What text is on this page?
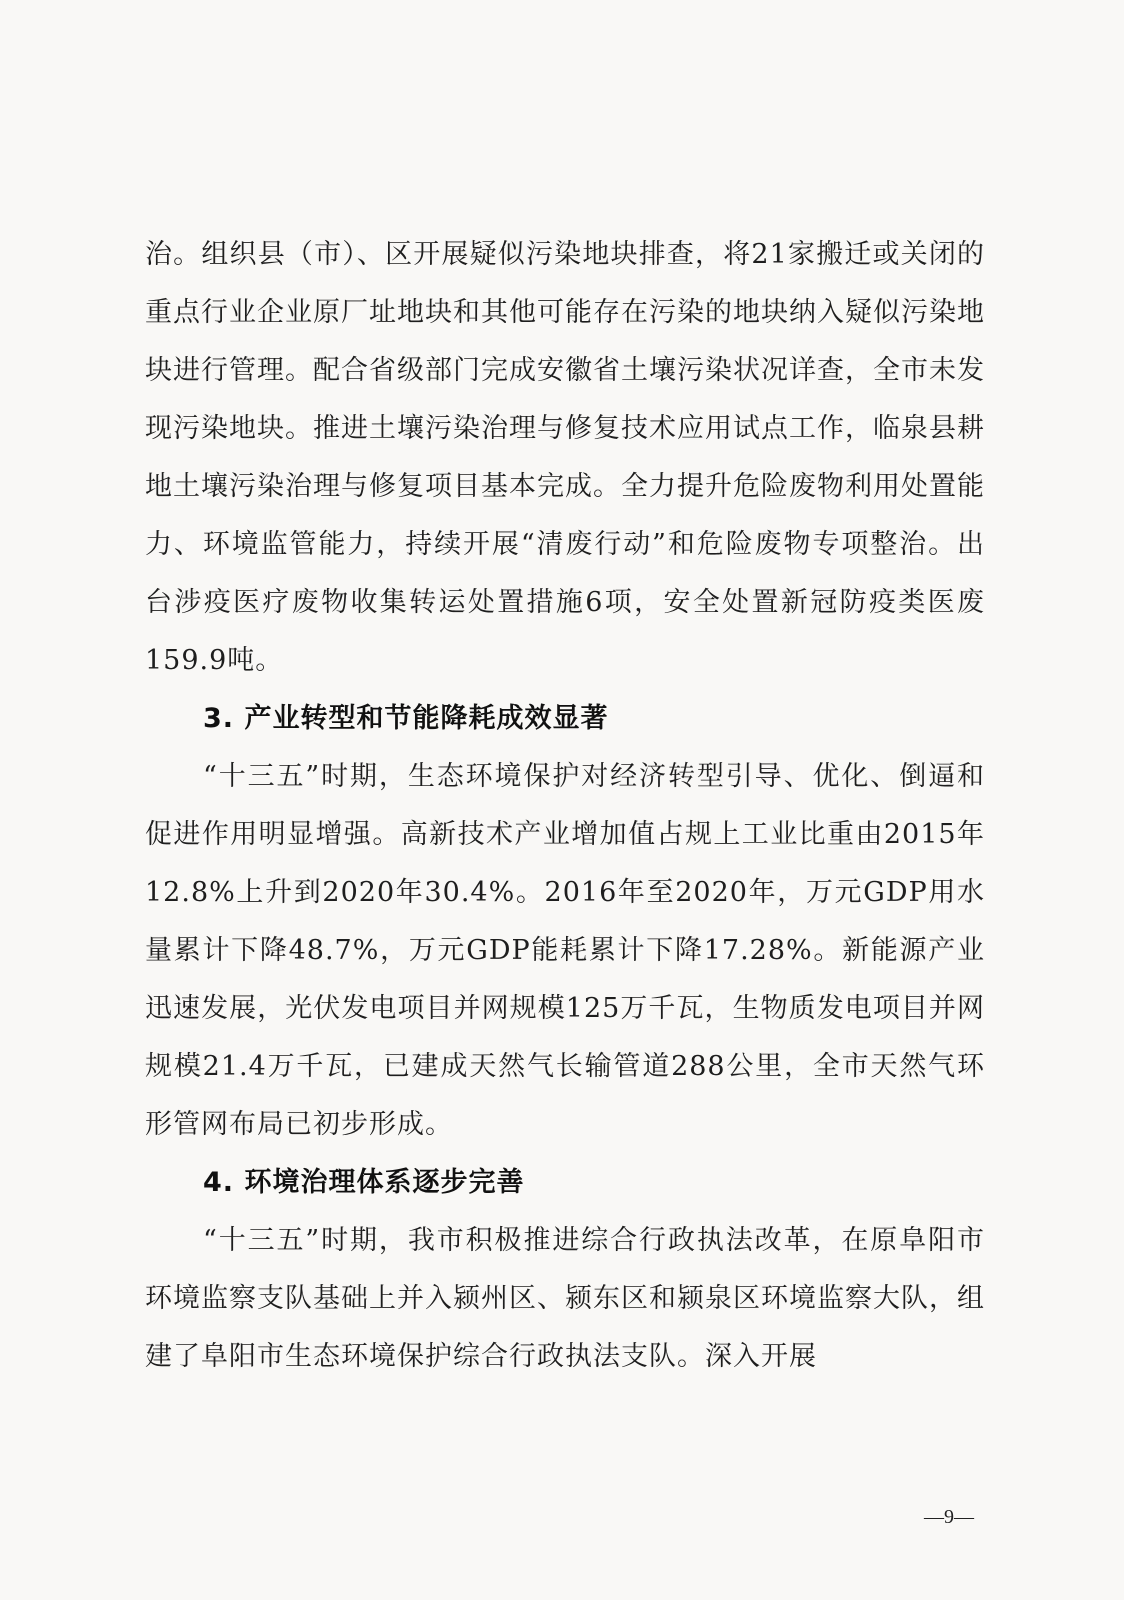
治。组织县（市）、区开展疑似污染地块排查，将21家搬迁或关闭的重点行业企业原厂址地块和其他可能存在污染的地块纳入疑似污染地块进行管理。配合省级部门完成安徽省土壤污染状况详查，全市未发现污染地块。推进土壤污染治理与修复技术应用试点工作，临泉县耕地土壤污染治理与修复项目基本完成。全力提升危险废物利用处置能力、环境监管能力，持续开展“清废行动”和危险废物专项整治。出台涉疫医疗废物收集转运处置措施6项，安全处置新冠防疫类医废159.9吨。

3. 产业转型和节能降耗成效显著

“十三五”时期，生态环境保护对经济转型引导、优化、倒逼和促进作用明显增强。高新技术产业增加值占规上工业比重由2015年12.8%上升到2020年30.4%。2016年至2020年，万元GDP用水量累计下降48.7%，万元GDP能耗累计下降17.28%。新能源产业迅速发展，光伏发电项目并网规模125万千瓦，生物质发电项目并网规模21.4万千瓦，已建成天然气长输管道288公里，全市天然气环形管网布局已初步形成。

4. 环境治理体系逐步完善

“十三五”时期，我市积极推进综合行政执法改革，在原阜阳市环境监察支队基础上并入颍州区、颍东区和颍泉区环境监察大队，组建了阜阳市生态环境保护综合行政执法支队。深入开展

—9—
